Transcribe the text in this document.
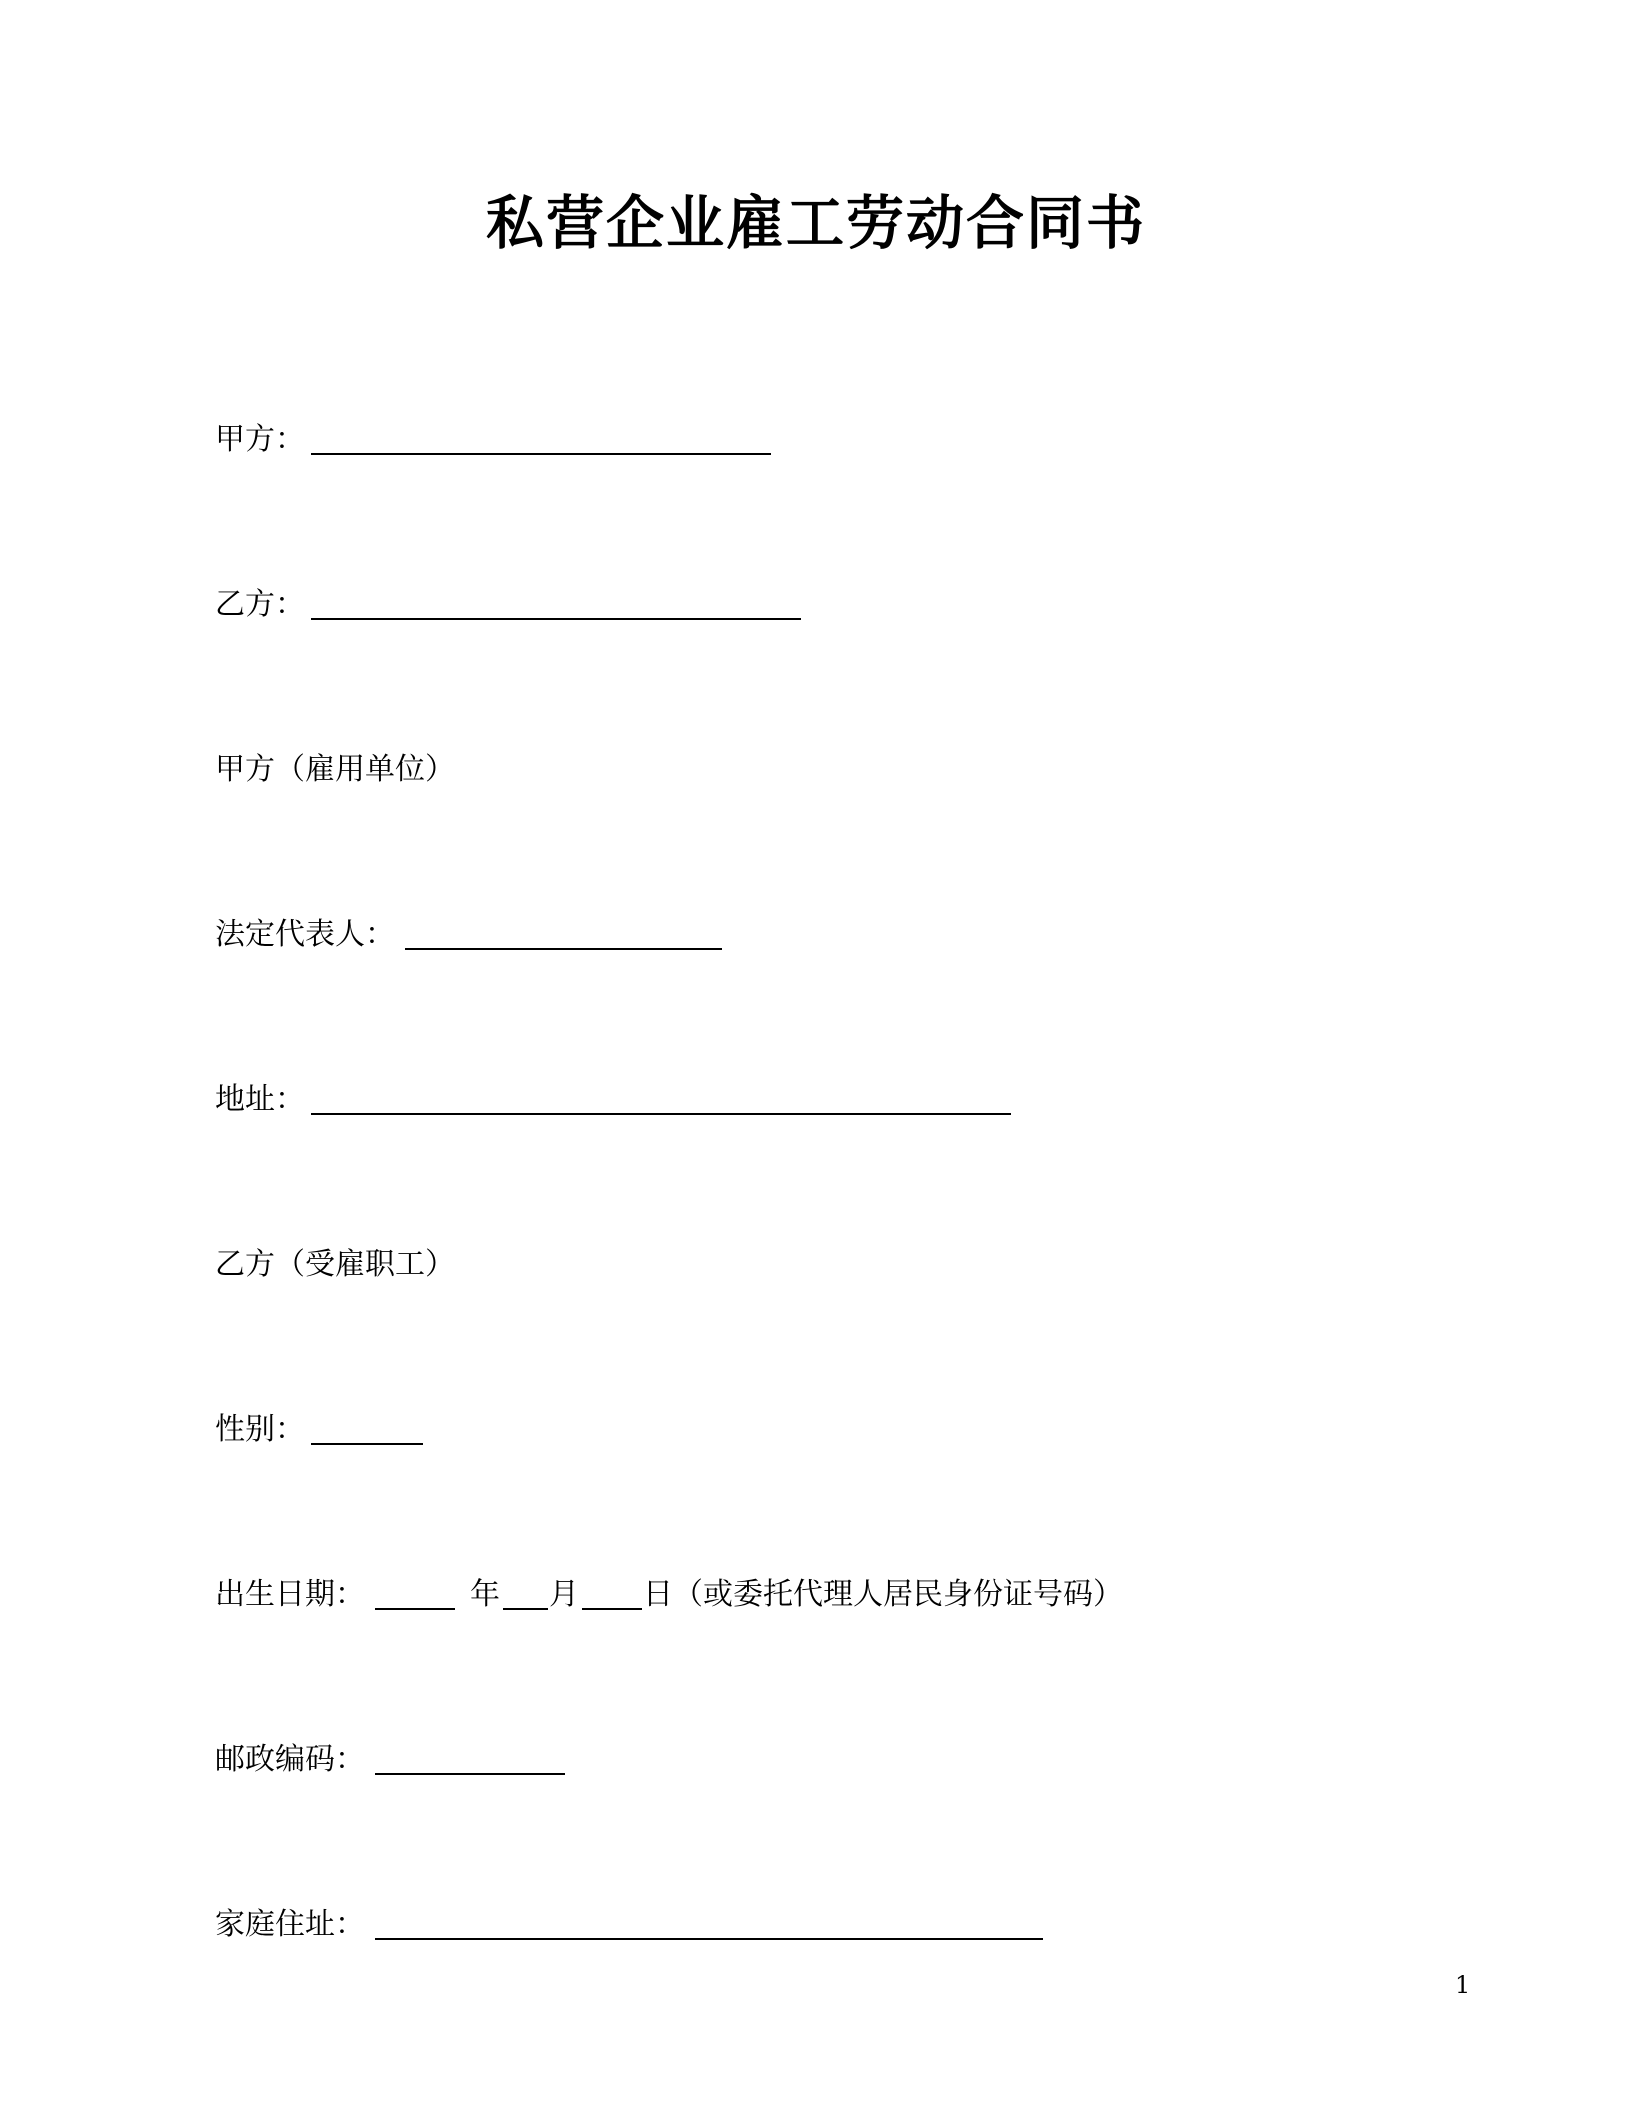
私营企业雇工劳动合同书
甲方：
乙方：
甲方（雇用单位）
法定代表人：
地址：
乙方（受雇职工）
性别：
出生日期：	年 月 日 （或委托代理人居民身份证号码）
邮政编码：
家庭住址：
1
